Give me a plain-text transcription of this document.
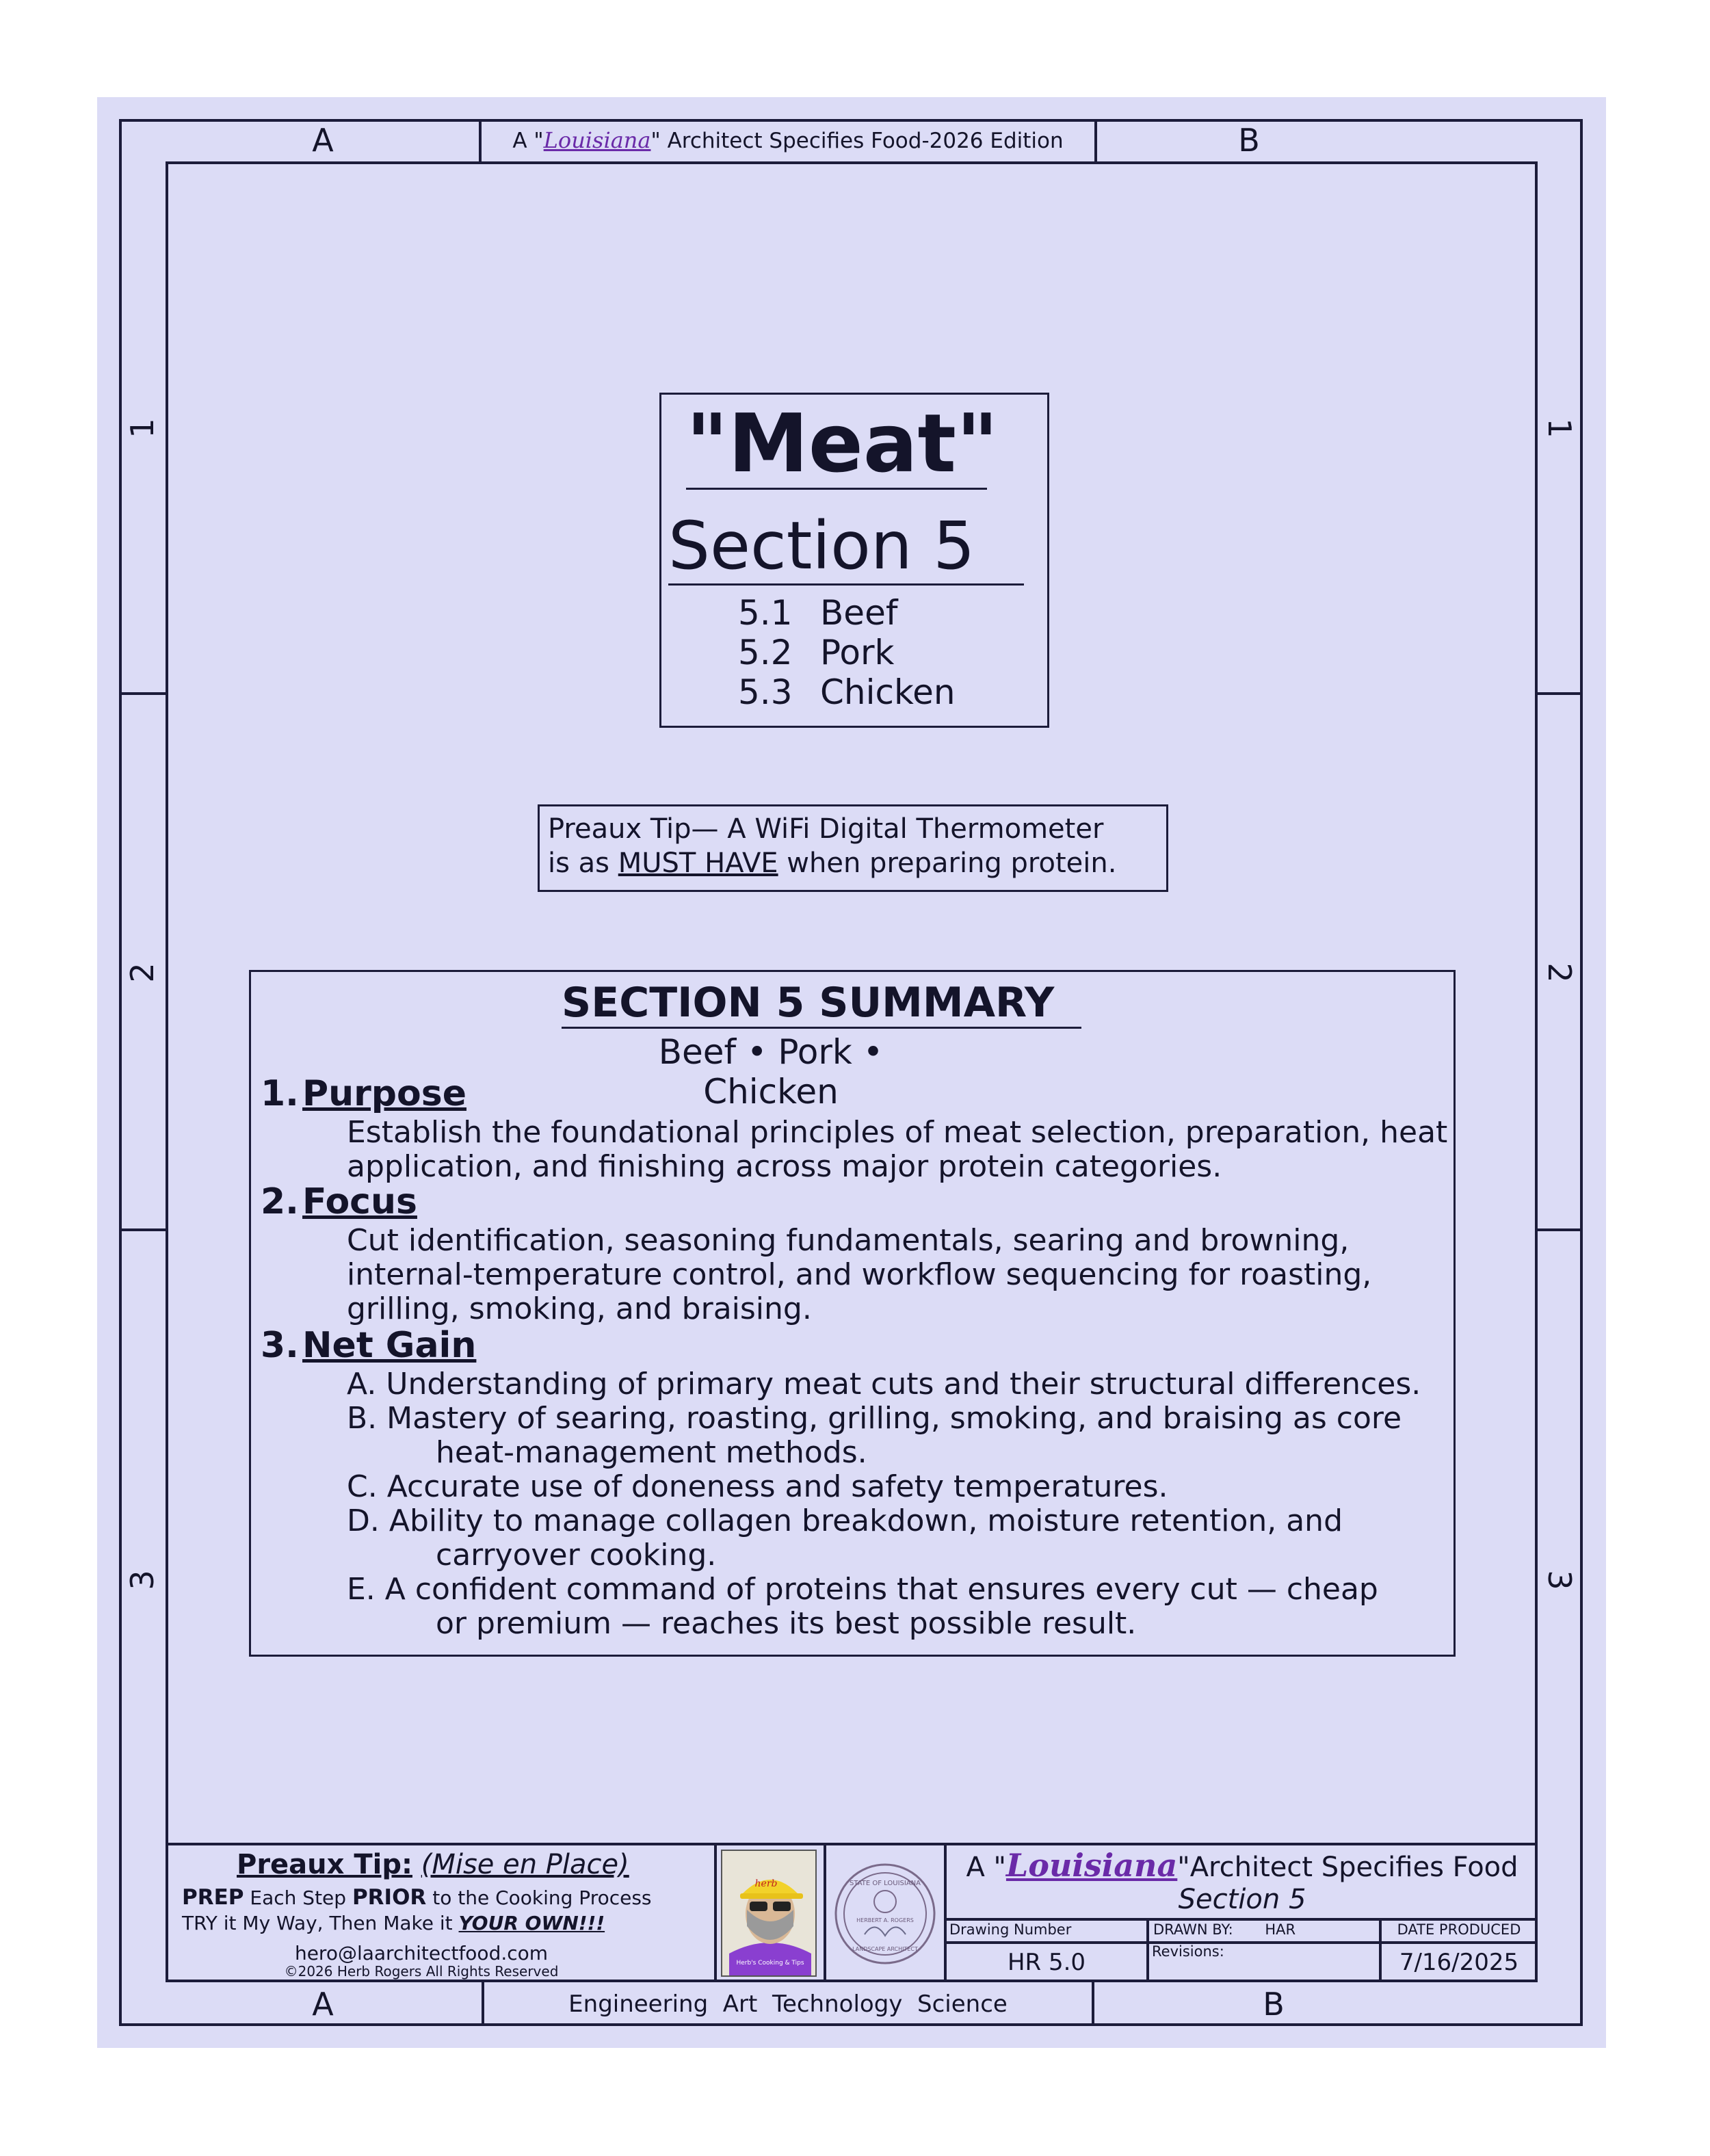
A	B
A "Louisiana" Architect Specifies Food-2026 Edition
1
2
3
1
2
3
"Meat"
Section 5
5.1 Beef
5.2 Pork
5.3 Chicken
Preaux Tip— A WiFi Digital Thermometer
is as MUST HAVE when preparing protein.
SECTION 5 SUMMARY
Beef • Pork • Chicken
1. Purpose
Establish the foundational principles of meat selection, preparation, heat
application, and finishing across major protein categories.
2. Focus
Cut identification, seasoning fundamentals, searing and browning,
internal-temperature control, and workflow sequencing for roasting,
grilling, smoking, and braising.
3. Net Gain
A. Understanding of primary meat cuts and their structural differences.
B. Mastery of searing, roasting, grilling, smoking, and braising as core
heat-management methods.
C. Accurate use of doneness and safety temperatures.
D. Ability to manage collagen breakdown, moisture retention, and
carryover cooking.
E. A confident command of proteins that ensures every cut — cheap
or premium — reaches its best possible result.
Preaux Tip: (Mise en Place)
PREP Each Step PRIOR to the Cooking Process
TRY it My Way, Then Make it YOUR OWN!!!
hero@laarchitectfood.com
©2026 Herb Rogers All Rights Reserved	Herb's Cooking & Tips
herb	STATE OF LOUISIANA
HERBERT A. ROGERS
LANDSCAPE ARCHITECT
A "Louisiana"Architect Specifies Food
Section 5
Drawing Number
HR 5.0
DRAWN BY: HAR
Revisions:
DATE PRODUCED
7/16/2025
A	B
Engineering  Art  Technology  Science
